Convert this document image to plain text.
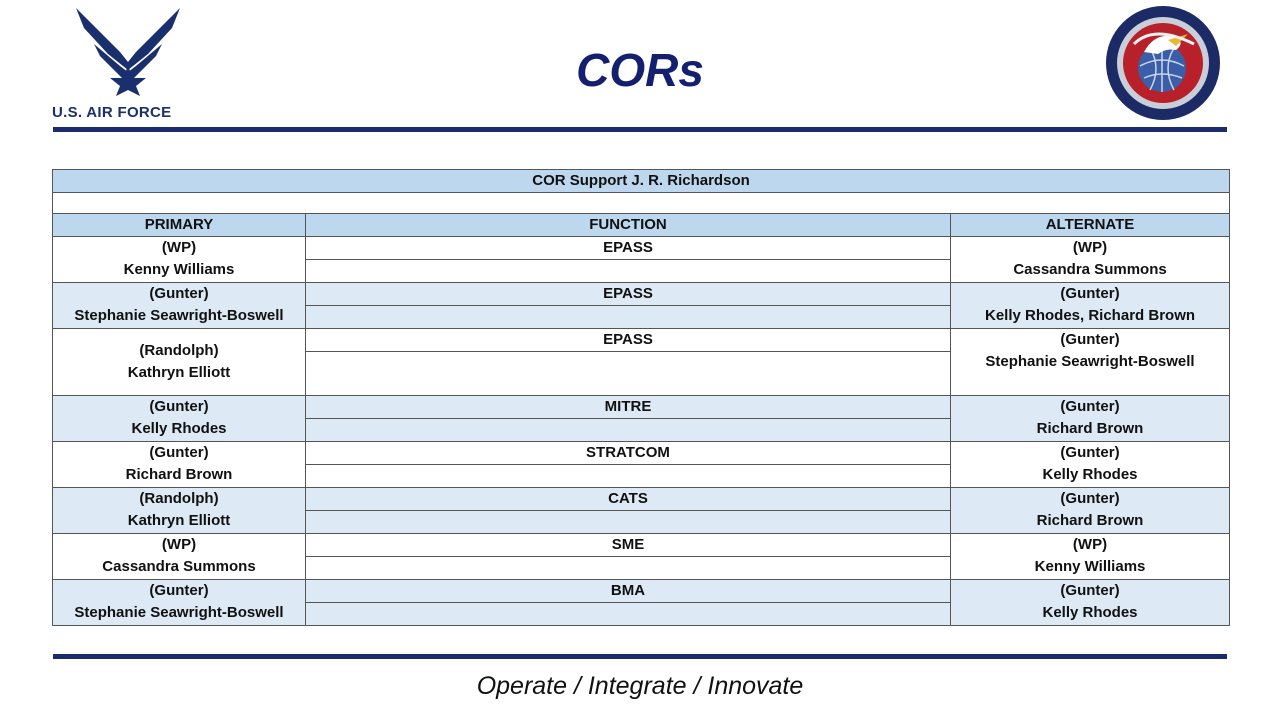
U.S. AIR FORCE
CORs
COR Support J. R. Richardson		

PRIMARY	FUNCTION	ALTERNATE

(WP)
Kenny Williams	EPASS	(WP)
Cassandra Summons

(Gunter)
Stephanie Seawright-Boswell	EPASS	(Gunter)
Kelly Rhodes, Richard Brown

(Randolph)
Kathryn Elliott	EPASS	(Gunter)
Stephanie Seawright-Boswell

(Gunter)
Kelly Rhodes	MITRE	(Gunter)
Richard Brown

(Gunter)
Richard Brown	STRATCOM	(Gunter)
Kelly Rhodes

(Randolph)
Kathryn Elliott	CATS	(Gunter)
Richard Brown

(WP)
Cassandra Summons	SME	(WP)
Kenny Williams

(Gunter)
Stephanie Seawright-Boswell	BMA	(Gunter)
Kelly Rhodes

Operate / Integrate / Innovate
